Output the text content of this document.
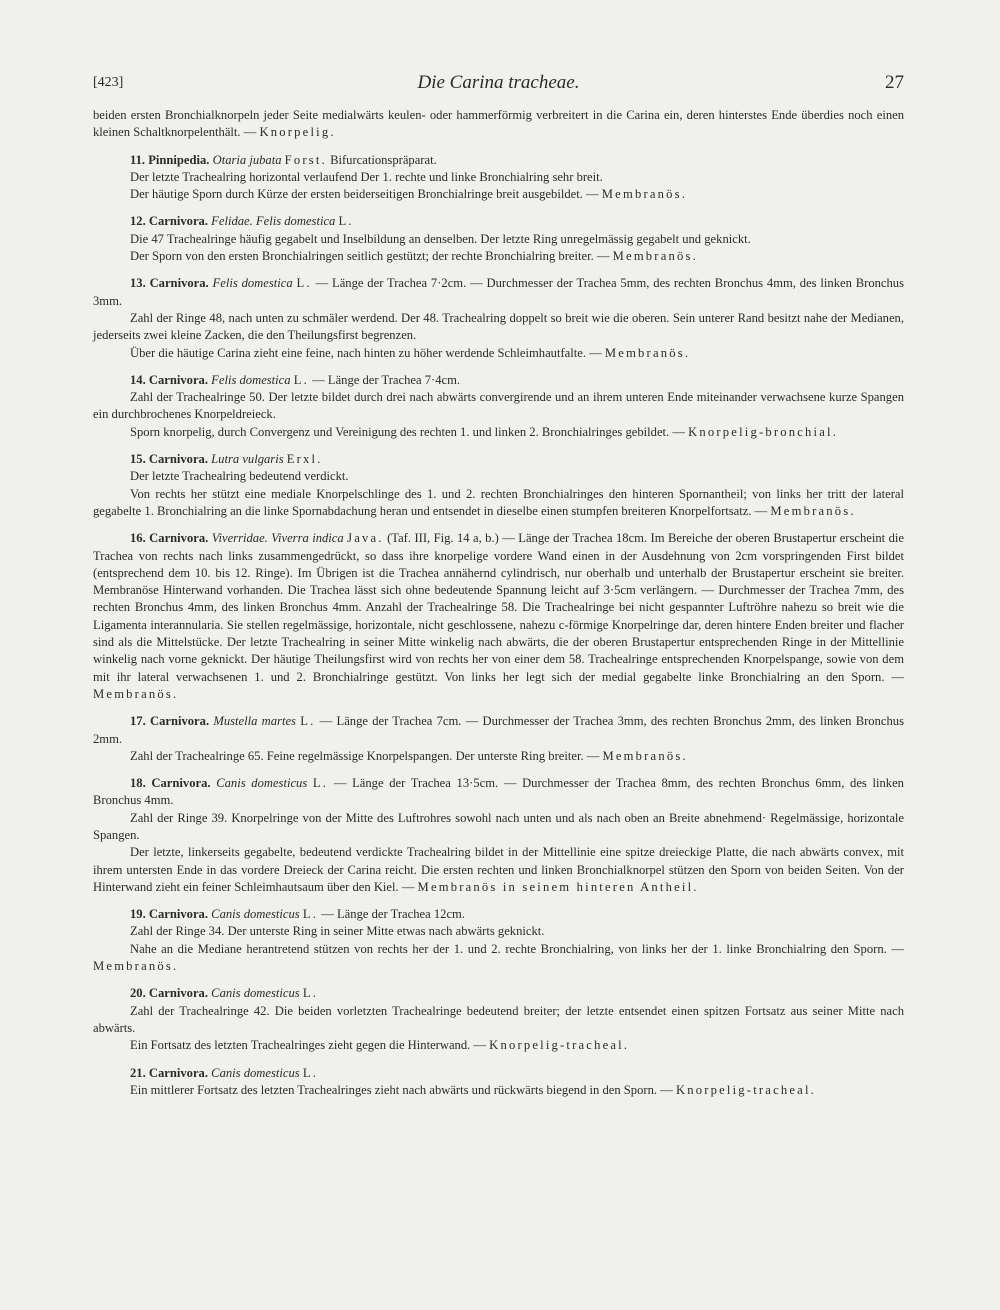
[423]	Die Carina tracheae.	27

beiden ersten Bronchialknorpeln jeder Seite medialwärts keulen- oder hammerförmig verbreitert in die Carina ein, deren hinterstes Ende überdies noch einen kleinen Schaltknorpelenthält. — Knorpelig.

11. Pinnipedia. Otaria jubata Forst. Bifurcationspräparat.

Der letzte Trachealring horizontal verlaufend Der 1. rechte und linke Bronchialring sehr breit.

Der häutige Sporn durch Kürze der ersten beiderseitigen Bronchialringe breit ausgebildet. — Membranös.

12. Carnivora. Felidae. Felis domestica L.

Die 47 Trachealringe häufig gegabelt und Inselbildung an denselben. Der letzte Ring unregelmässig gegabelt und geknickt.

Der Sporn von den ersten Bronchialringen seitlich gestützt; der rechte Bronchialring breiter. — Membranös.

13. Carnivora. Felis domestica L. — Länge der Trachea 7·2cm. — Durchmesser der Trachea 5mm, des rechten Bronchus 4mm, des linken Bronchus 3mm.

Zahl der Ringe 48, nach unten zu schmäler werdend. Der 48. Trachealring doppelt so breit wie die oberen. Sein unterer Rand besitzt nahe der Medianen, jederseits zwei kleine Zacken, die den Theilungsfirst begrenzen.

Über die häutige Carina zieht eine feine, nach hinten zu höher werdende Schleimhautfalte. — Membranös.

14. Carnivora. Felis domestica L. — Länge der Trachea 7·4cm.

Zahl der Trachealringe 50. Der letzte bildet durch drei nach abwärts convergirende und an ihrem unteren Ende miteinander verwachsene kurze Spangen ein durchbrochenes Knorpeldreieck.

Sporn knorpelig, durch Convergenz und Vereinigung des rechten 1. und linken 2. Bronchialringes gebildet. — Knorpelig-bronchial.

15. Carnivora. Lutra vulgaris Erxl.

Der letzte Trachealring bedeutend verdickt.

Von rechts her stützt eine mediale Knorpelschlinge des 1. und 2. rechten Bronchialringes den hinteren Spornantheil; von links her tritt der lateral gegabelte 1. Bronchialring an die linke Spornabdachung heran und entsendet in dieselbe einen stumpfen breiteren Knorpelfortsatz. — Membranös.

16. Carnivora. Viverridae. Viverra indica Java. (Taf. III, Fig. 14 a, b.) — Länge der Trachea 18cm. Im Bereiche der oberen Brustapertur erscheint die Trachea von rechts nach links zusammengedrückt, so dass ihre knorpelige vordere Wand einen in der Ausdehnung von 2cm vorspringenden First bildet (entsprechend dem 10. bis 12. Ringe). Im Übrigen ist die Trachea annähernd cylindrisch, nur oberhalb und unterhalb der Brustapertur erscheint sie breiter. Membranöse Hinterwand vorhanden. Die Trachea lässt sich ohne bedeutende Spannung leicht auf 3·5cm verlängern. — Durchmesser der Trachea 7mm, des rechten Bronchus 4mm, des linken Bronchus 4mm. Anzahl der Trachealringe 58. Die Trachealringe bei nicht gespannter Luftröhre nahezu so breit wie die Ligamenta interannularia. Sie stellen regelmässige, horizontale, nicht geschlossene, nahezu c-förmige Knorpelringe dar, deren hintere Enden breiter und flacher sind als die Mittelstücke. Der letzte Trachealring in seiner Mitte winkelig nach abwärts, die der oberen Brustapertur entsprechenden Ringe in der Mittellinie winkelig nach vorne geknickt. Der häutige Theilungsfirst wird von rechts her von einer dem 58. Trachealringe entsprechenden Knorpelspange, sowie von dem mit ihr lateral verwachsenen 1. und 2. Bronchialringe gestützt. Von links her legt sich der medial gegabelte linke Bronchialring an den Sporn. — Membranös.

17. Carnivora. Mustella martes L. — Länge der Trachea 7cm. — Durchmesser der Trachea 3mm, des rechten Bronchus 2mm, des linken Bronchus 2mm.

Zahl der Trachealringe 65. Feine regelmässige Knorpelspangen. Der unterste Ring breiter. — Membranös.

18. Carnivora. Canis domesticus L. — Länge der Trachea 13·5cm. — Durchmesser der Trachea 8mm, des rechten Bronchus 6mm, des linken Bronchus 4mm.

Zahl der Ringe 39. Knorpelringe von der Mitte des Luftrohres sowohl nach unten und als nach oben an Breite abnehmend· Regelmässige, horizontale Spangen.

Der letzte, linkerseits gegabelte, bedeutend verdickte Trachealring bildet in der Mittellinie eine spitze dreieckige Platte, die nach abwärts convex, mit ihrem untersten Ende in das vordere Dreieck der Carina reicht. Die ersten rechten und linken Bronchialknorpel stützen den Sporn von beiden Seiten. Von der Hinterwand zieht ein feiner Schleimhautsaum über den Kiel. — Membranös in seinem hinteren Antheil.

19. Carnivora. Canis domesticus L. — Länge der Trachea 12cm.

Zahl der Ringe 34. Der unterste Ring in seiner Mitte etwas nach abwärts geknickt.

Nahe an die Mediane herantretend stützen von rechts her der 1. und 2. rechte Bronchialring, von links her der 1. linke Bronchialring den Sporn. — Membranös.

20. Carnivora. Canis domesticus L.

Zahl der Trachealringe 42. Die beiden vorletzten Trachealringe bedeutend breiter; der letzte entsendet einen spitzen Fortsatz aus seiner Mitte nach abwärts.

Ein Fortsatz des letzten Trachealringes zieht gegen die Hinterwand. — Knorpelig-tracheal.

21. Carnivora. Canis domesticus L.

Ein mittlerer Fortsatz des letzten Trachealringes zieht nach abwärts und rückwärts biegend in den Sporn. — Knorpelig-tracheal.
